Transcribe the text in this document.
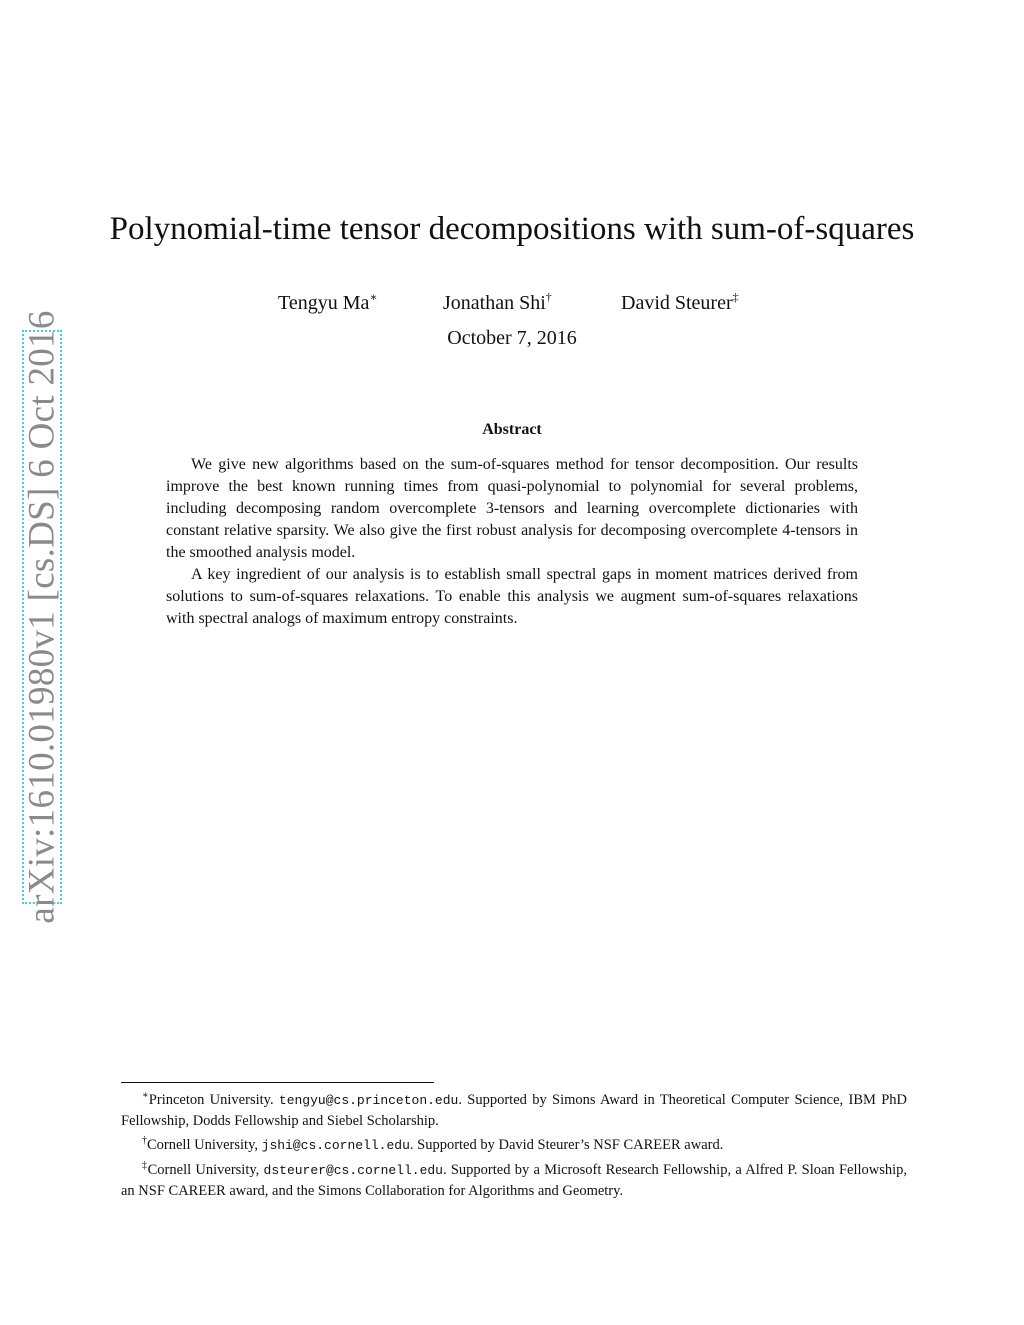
arXiv:1610.01980v1 [cs.DS] 6 Oct 2016
Polynomial-time tensor decompositions with sum-of-squares
Tengyu Ma∗	Jonathan Shi†	David Steurer‡
October 7, 2016
Abstract

We give new algorithms based on the sum-of-squares method for tensor decomposition. Our results improve the best known running times from quasi-polynomial to polynomial for several problems, including decomposing random overcomplete 3-tensors and learning overcomplete dictionaries with constant relative sparsity. We also give the first robust analysis for decomposing overcomplete 4-tensors in the smoothed analysis model.

A key ingredient of our analysis is to establish small spectral gaps in moment matrices derived from solutions to sum-of-squares relaxations. To enable this analysis we augment sum-of-squares relaxations with spectral analogs of maximum entropy constraints.

∗Princeton University. tengyu@cs.princeton.edu. Supported by Simons Award in Theoretical Computer Science, IBM PhD Fellowship, Dodds Fellowship and Siebel Scholarship.

†Cornell University, jshi@cs.cornell.edu. Supported by David Steurer’s NSF CAREER award.

‡Cornell University, dsteurer@cs.cornell.edu. Supported by a Microsoft Research Fellowship, a Alfred P. Sloan Fellowship, an NSF CAREER award, and the Simons Collaboration for Algorithms and Geometry.
